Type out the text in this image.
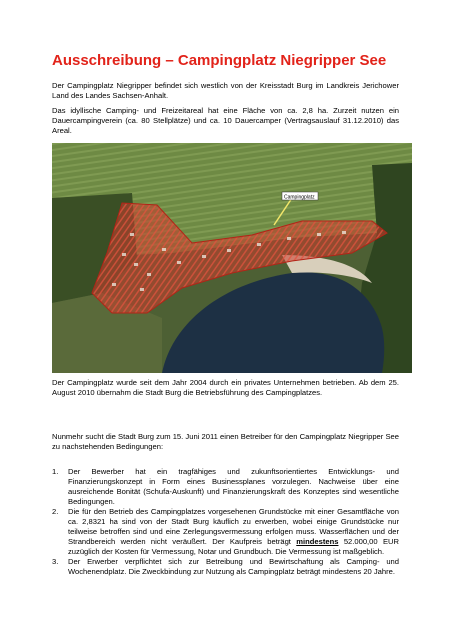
Ausschreibung – Campingplatz Niegripper See

Der Campingplatz Niegripper befindet sich westlich von der Kreisstadt Burg im Landkreis Jerichower Land des Landes Sachsen-Anhalt.

Das idyllische Camping- und Freizeitareal hat eine Fläche von ca. 2,8 ha. Zurzeit nutzen ein Dauercampingverein (ca. 80 Stellplätze) und ca. 10 Dauercamper (Vertragsauslauf 31.12.2010) das Areal.

Campingplatz

Der Campingplatz wurde seit dem Jahr 2004 durch ein privates Unternehmen betrieben. Ab dem 25. August 2010 übernahm die Stadt Burg die Betriebsführung des Campingplatzes.

Nunmehr sucht die Stadt Burg zum 15. Juni 2011 einen Betreiber für den Campingplatz Niegripper See zu nachstehenden Bedingungen:

1. Der Bewerber hat ein tragfähiges und zukunftsorientiertes Entwicklungs- und Finanzierungskonzept in Form eines Businessplanes vorzulegen. Nachweise über eine ausreichende Bonität (Schufa-Auskunft) und Finanzierungskraft des Konzeptes sind wesentliche Bedingungen.
2. Die für den Betrieb des Campingplatzes vorgesehenen Grundstücke mit einer Gesamtfläche von ca. 2,8321 ha sind von der Stadt Burg käuflich zu erwerben, wobei einige Grundstücke nur teilweise betroffen sind und eine Zerlegungsvermessung erfolgen muss. Wasserflächen und der Strandbereich werden nicht veräußert. Der Kaufpreis beträgt mindestens 52.000,00 EUR zuzüglich der Kosten für Vermessung, Notar und Grundbuch. Die Vermessung ist maßgeblich.
3. Der Erwerber verpflichtet sich zur Betreibung und Bewirtschaftung als Camping- und Wochenendplatz. Die Zweckbindung zur Nutzung als Campingplatz beträgt mindestens 20 Jahre.
